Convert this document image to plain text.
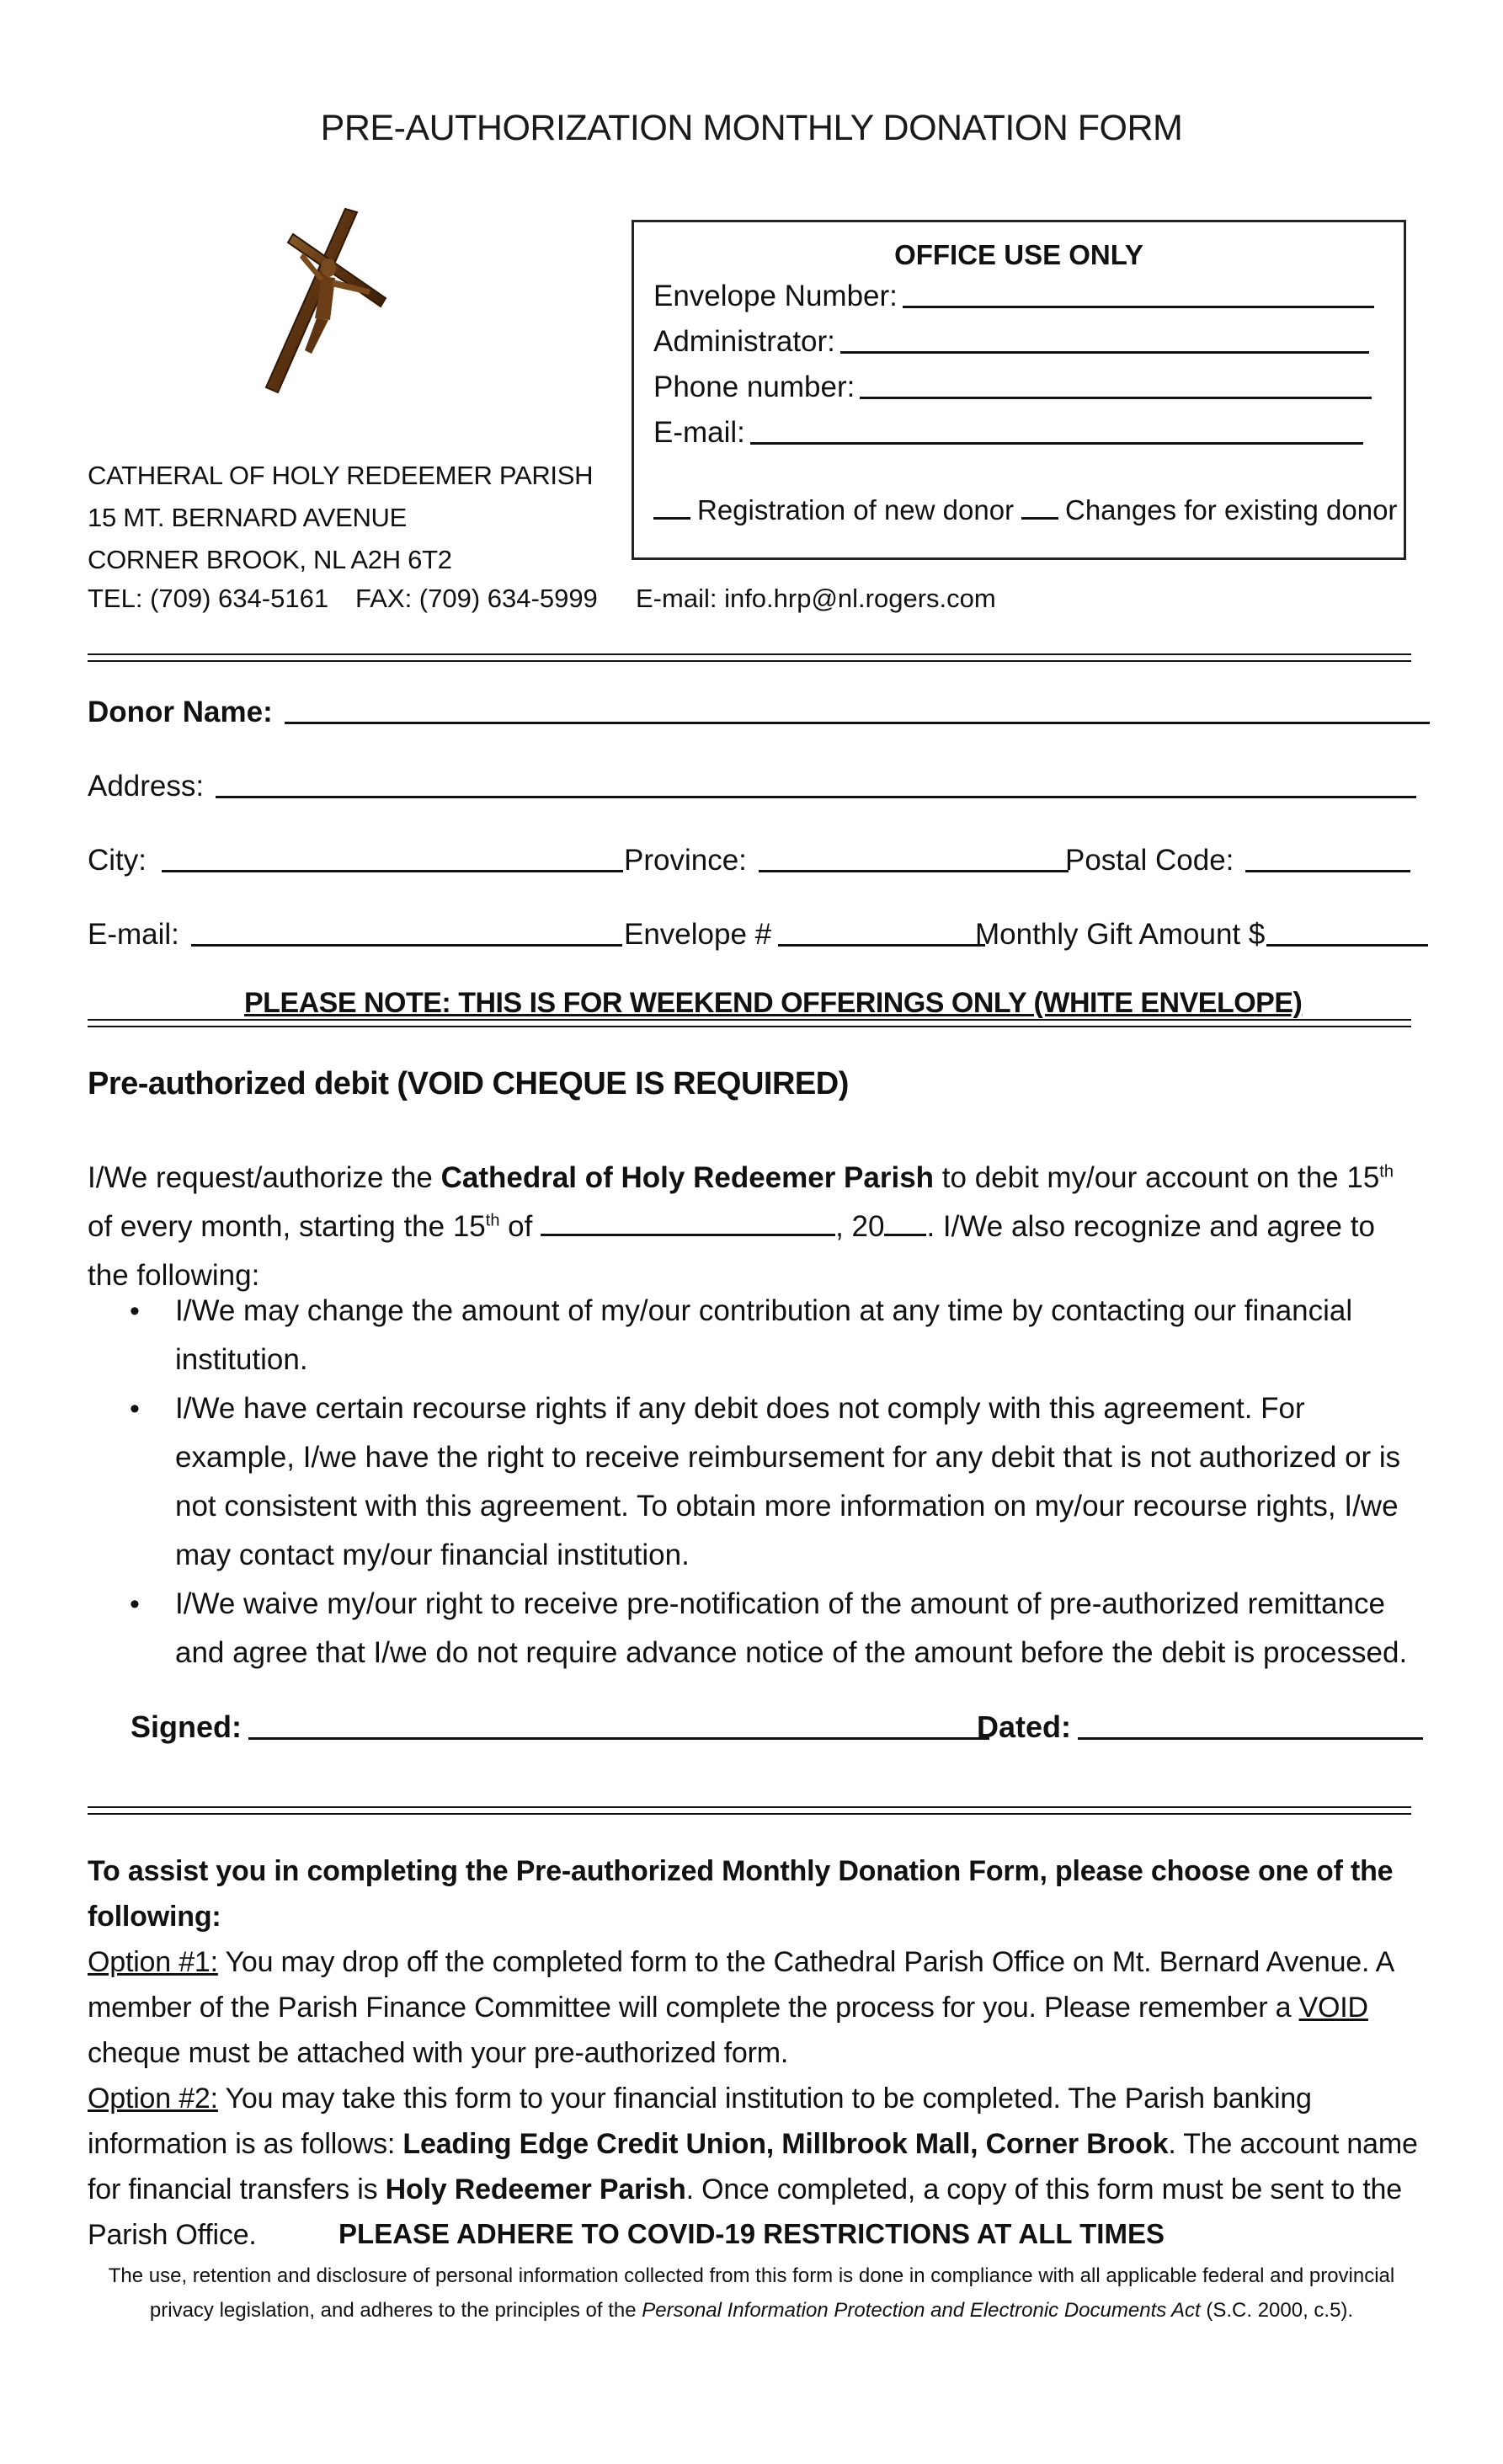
PRE-AUTHORIZATION MONTHLY DONATION FORM
OFFICE USE ONLY
Envelope Number:
Administrator:
Phone number:
E-mail:
Registration of new donor	Changes for existing donor
CATHERAL OF HOLY REDEEMER PARISH
15 MT. BERNARD AVENUE
CORNER BROOK, NL A2H 6T2
TEL: (709) 634-5161 FAX: (709) 634-5999 E-mail: info.hrp@nl.rogers.com
Donor Name:
Address:
City:	Province:	Postal Code:
E-mail:	Envelope #	Monthly Gift Amount $
PLEASE NOTE: THIS IS FOR WEEKEND OFFERINGS ONLY (WHITE ENVELOPE)
Pre-authorized debit (VOID CHEQUE IS REQUIRED)
I/We request/authorize the Cathedral of Holy Redeemer Parish to debit my/our account on the 15th of every month, starting the 15th of	, 20 . I/We also recognize and agree to the following:
• I/We may change the amount of my/our contribution at any time by contacting our financial institution.
• I/We have certain recourse rights if any debit does not comply with this agreement. For example, I/we have the right to receive reimbursement for any debit that is not authorized or is not consistent with this agreement. To obtain more information on my/our recourse rights, I/we may contact my/our financial institution.
• I/We waive my/our right to receive pre-notification of the amount of pre-authorized remittance and agree that I/we do not require advance notice of the amount before the debit is processed.
Signed:	Dated:

To assist you in completing the Pre-authorized Monthly Donation Form, please choose one of the following:

Option #1: You may drop off the completed form to the Cathedral Parish Office on Mt. Bernard Avenue. A member of the Parish Finance Committee will complete the process for you. Please remember a VOID cheque must be attached with your pre-authorized form.

Option #2: You may take this form to your financial institution to be completed. The Parish banking information is as follows: Leading Edge Credit Union, Millbrook Mall, Corner Brook. The account name for financial transfers is Holy Redeemer Parish. Once completed, a copy of this form must be sent to the Parish Office.	PLEASE ADHERE TO COVID-19 RESTRICTIONS AT ALL TIMES
The use, retention and disclosure of personal information collected from this form is done in compliance with all applicable federal and provincial privacy legislation, and adheres to the principles of the Personal Information Protection and Electronic Documents Act (S.C. 2000, c.5).
